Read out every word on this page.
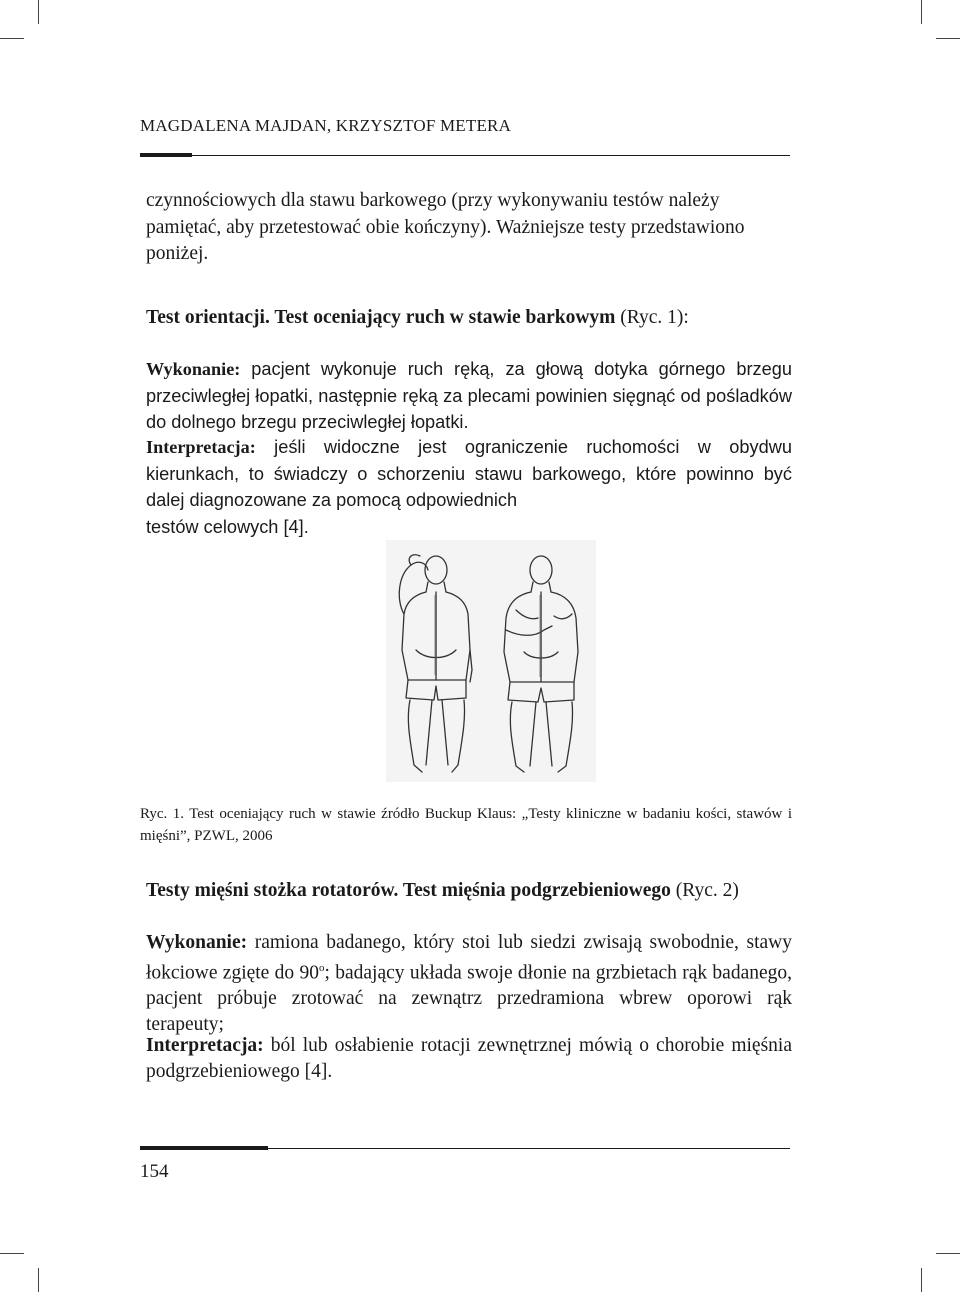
MAGDALENA MAJDAN, KRZYSZTOF METERA
czynnościowych dla stawu barkowego (przy wykonywaniu testów należy
pamiętać, aby przetestować obie kończyny). Ważniejsze testy przedstawiono
poniżej.
Test orientacji. Test oceniający ruch w stawie barkowym (Ryc. 1):
Wykonanie: pacjent wykonuje ruch ręką, za głową dotyka górnego brzegu przeciwległej łopatki, następnie ręką za plecami powinien sięgnąć od pośladków do dolnego brzegu przeciwległej łopatki.
Interpretacja: jeśli widoczne jest ograniczenie ruchomości w obydwu kierunkach, to świadczy o schorzeniu stawu barkowego, które powinno być dalej diagnozowane za pomocą odpowiednich
testów celowych [4].
Ryc. 1. Test oceniający ruch w stawie źródło Buckup Klaus: „Testy kliniczne w badaniu kości, stawów i mięśni”, PZWL, 2006
Testy mięśni stożka rotatorów. Test mięśnia podgrzebieniowego (Ryc. 2)
Wykonanie: ramiona badanego, który stoi lub siedzi zwisają swobodnie, stawy łokciowe zgięte do 90$^o$; badający układa swoje dłonie na grzbietach rąk badanego, pacjent próbuje zrotować na zewnątrz przedramiona wbrew oporowi rąk terapeuty;
Interpretacja: ból lub osłabienie rotacji zewnętrznej mówią o chorobie mięśnia podgrzebieniowego [4].
154
